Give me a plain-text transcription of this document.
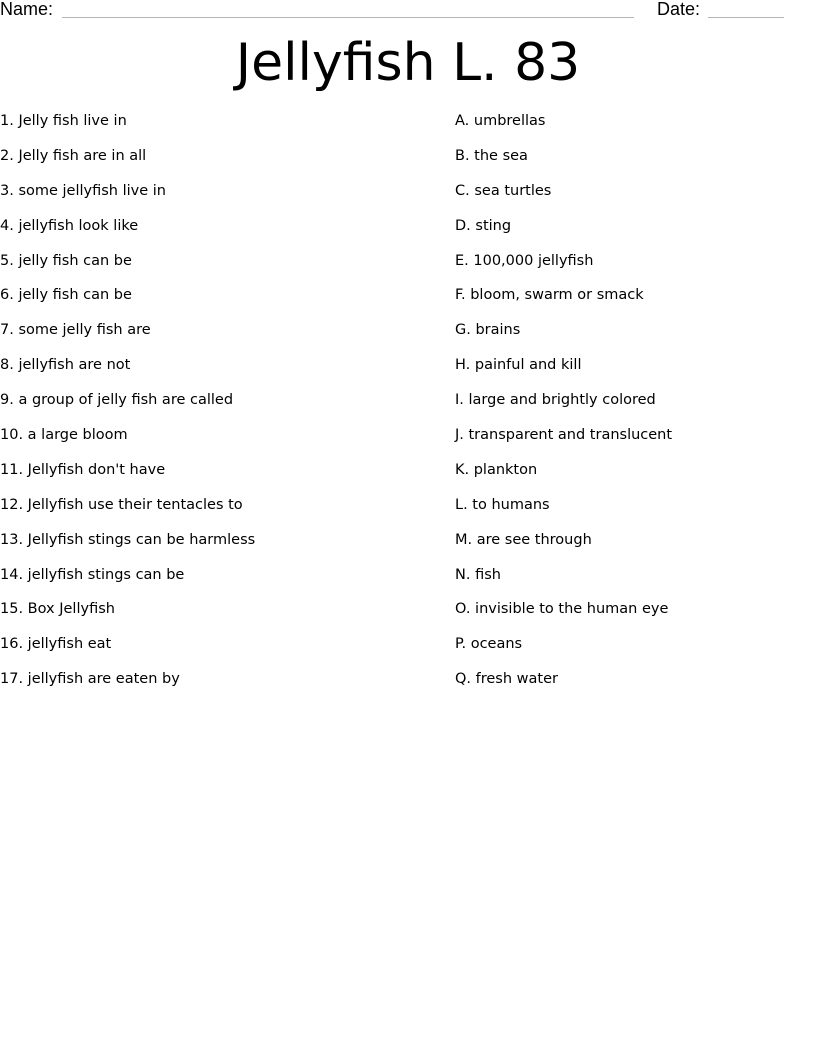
Name:	Date:
Jellyfish L. 83
1. Jelly fish live in
2. Jelly fish are in all
3. some jellyfish live in
4. jellyfish look like
5. jelly fish can be
6. jelly fish can be
7. some jelly fish are
8. jellyfish are not
9. a group of jelly fish are called
10. a large bloom
11. Jellyfish don't have
12. Jellyfish use their tentacles to
13. Jellyfish stings can be harmless
14. jellyfish stings can be
15. Box Jellyfish
16. jellyfish eat
17. jellyfish are eaten by
A. umbrellas
B. the sea
C. sea turtles
D. sting
E. 100,000 jellyfish
F. bloom, swarm or smack
G. brains
H. painful and kill
I. large and brightly colored
J. transparent and translucent
K. plankton
L. to humans
M. are see through
N. fish
O. invisible to the human eye
P. oceans
Q. fresh water
